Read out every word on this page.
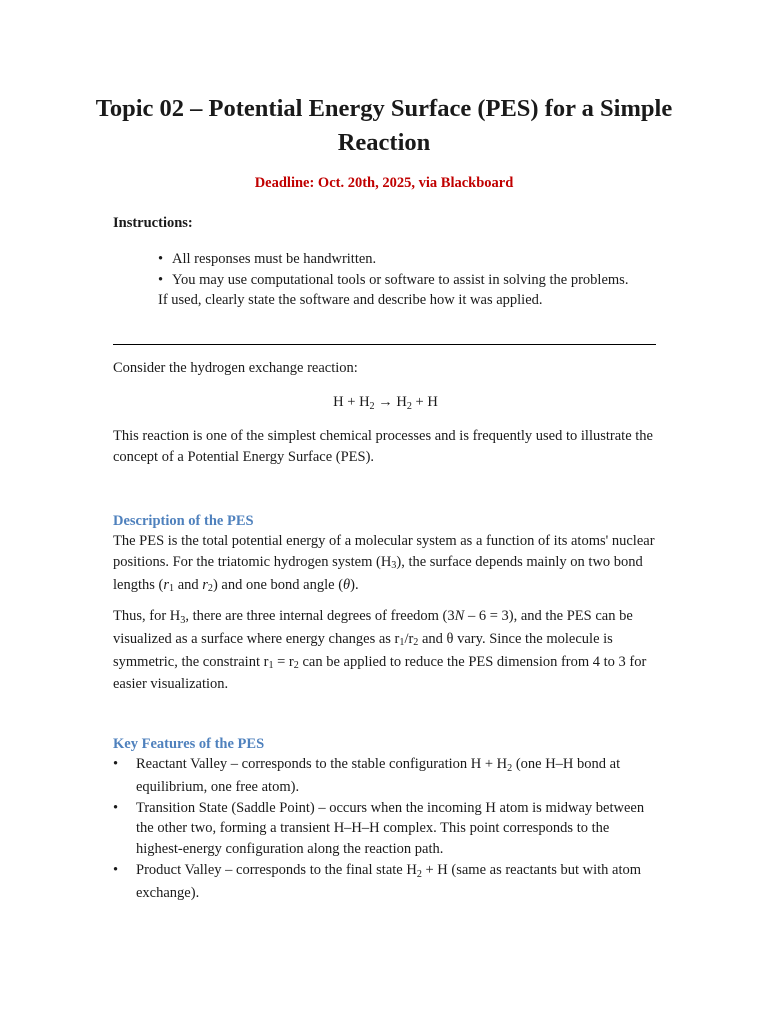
Topic 02 – Potential Energy Surface (PES) for a Simple Reaction
Deadline: Oct. 20th, 2025, via Blackboard
Instructions:
• All responses must be handwritten.
• You may use computational tools or software to assist in solving the problems.
If used, clearly state the software and describe how it was applied.
Consider the hydrogen exchange reaction:
$H + H_2 \to H_2 + H$
This reaction is one of the simplest chemical processes and is frequently used to illustrate the concept of a Potential Energy Surface (PES).
Description of the PES
The PES is the total potential energy of a molecular system as a function of its atoms' nuclear positions. For the triatomic hydrogen system $(H_3)$, the surface depends mainly on two bond lengths ($r_1$ and $r_2$) and one bond angle (θ).
Thus, for $H_3$, there are three internal degrees of freedom (3N – 6 = 3), and the PES can be visualized as a surface where energy changes as $r_1/r_2$ and θ vary. Since the molecule is symmetric, the constraint $r_1 = r_2$ can be applied to reduce the PES dimension from 4 to 3 for easier visualization.
Key Features of the PES
• Reactant Valley – corresponds to the stable configuration $H + H_2$ (one H–H bond at equilibrium, one free atom).
• Transition State (Saddle Point) – occurs when the incoming H atom is midway between the other two, forming a transient H–H–H complex. This point corresponds to the highest-energy configuration along the reaction path.
• Product Valley – corresponds to the final state $H_2 + H$ (same as reactants but with atom exchange).
